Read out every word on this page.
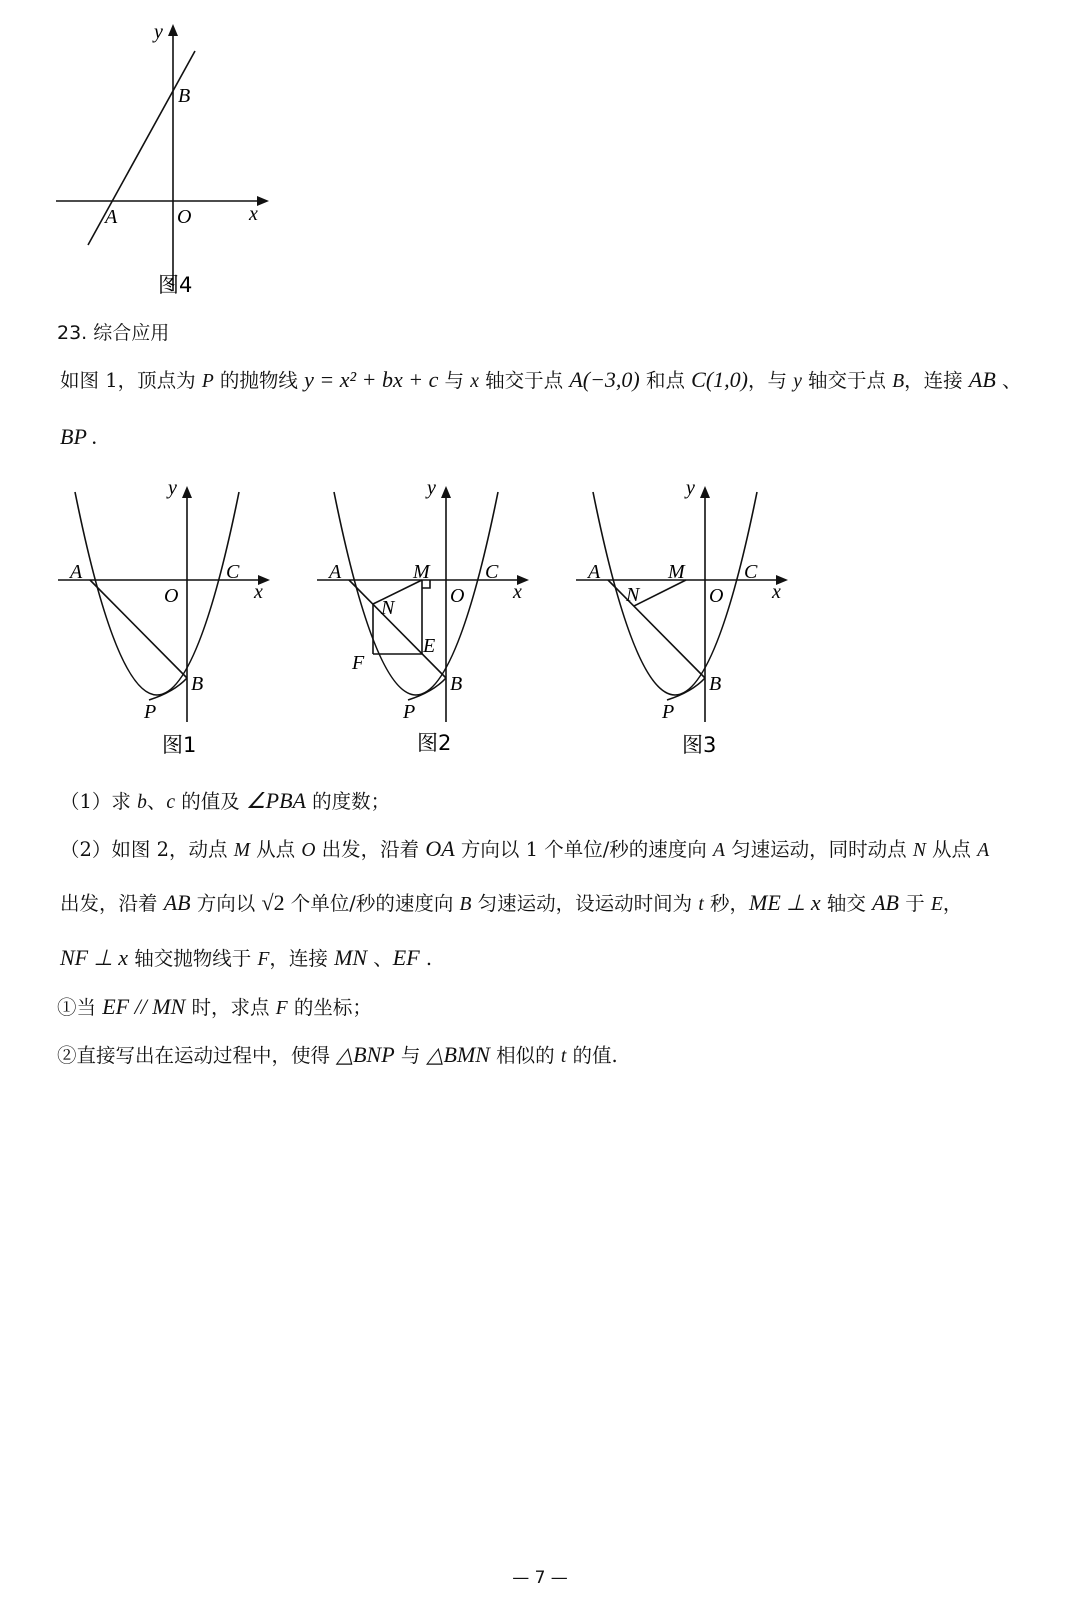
y
B
A	O	x
图4
23. 综合应用
如图 1，顶点为 P 的抛物线 y = x² + bx + c 与 x 轴交于点 A(−3,0) 和点 C(1,0)，与 y 轴交于点 B，连接 AB 、
BP .
y
A	C
O	x
B
P
图1
y
A	M	C
O x
N
E
F
B
P
图2
y
A	M	C
N	O x
B
P
图3
（1）求 b、c 的值及 ∠PBA 的度数；
（2）如图 2，动点 M 从点 O 出发，沿着 OA 方向以 1 个单位/秒的速度向 A 匀速运动，同时动点 N 从点 A
出发，沿着 AB 方向以 √2 个单位/秒的速度向 B 匀速运动，设运动时间为 t 秒，ME ⊥ x 轴交 AB 于 E，
NF ⊥ x 轴交抛物线于 F，连接 MN 、EF .
①当 EF // MN 时，求点 F 的坐标；
②直接写出在运动过程中，使得 △BNP 与 △BMN 相似的 t 的值.
— 7 —
